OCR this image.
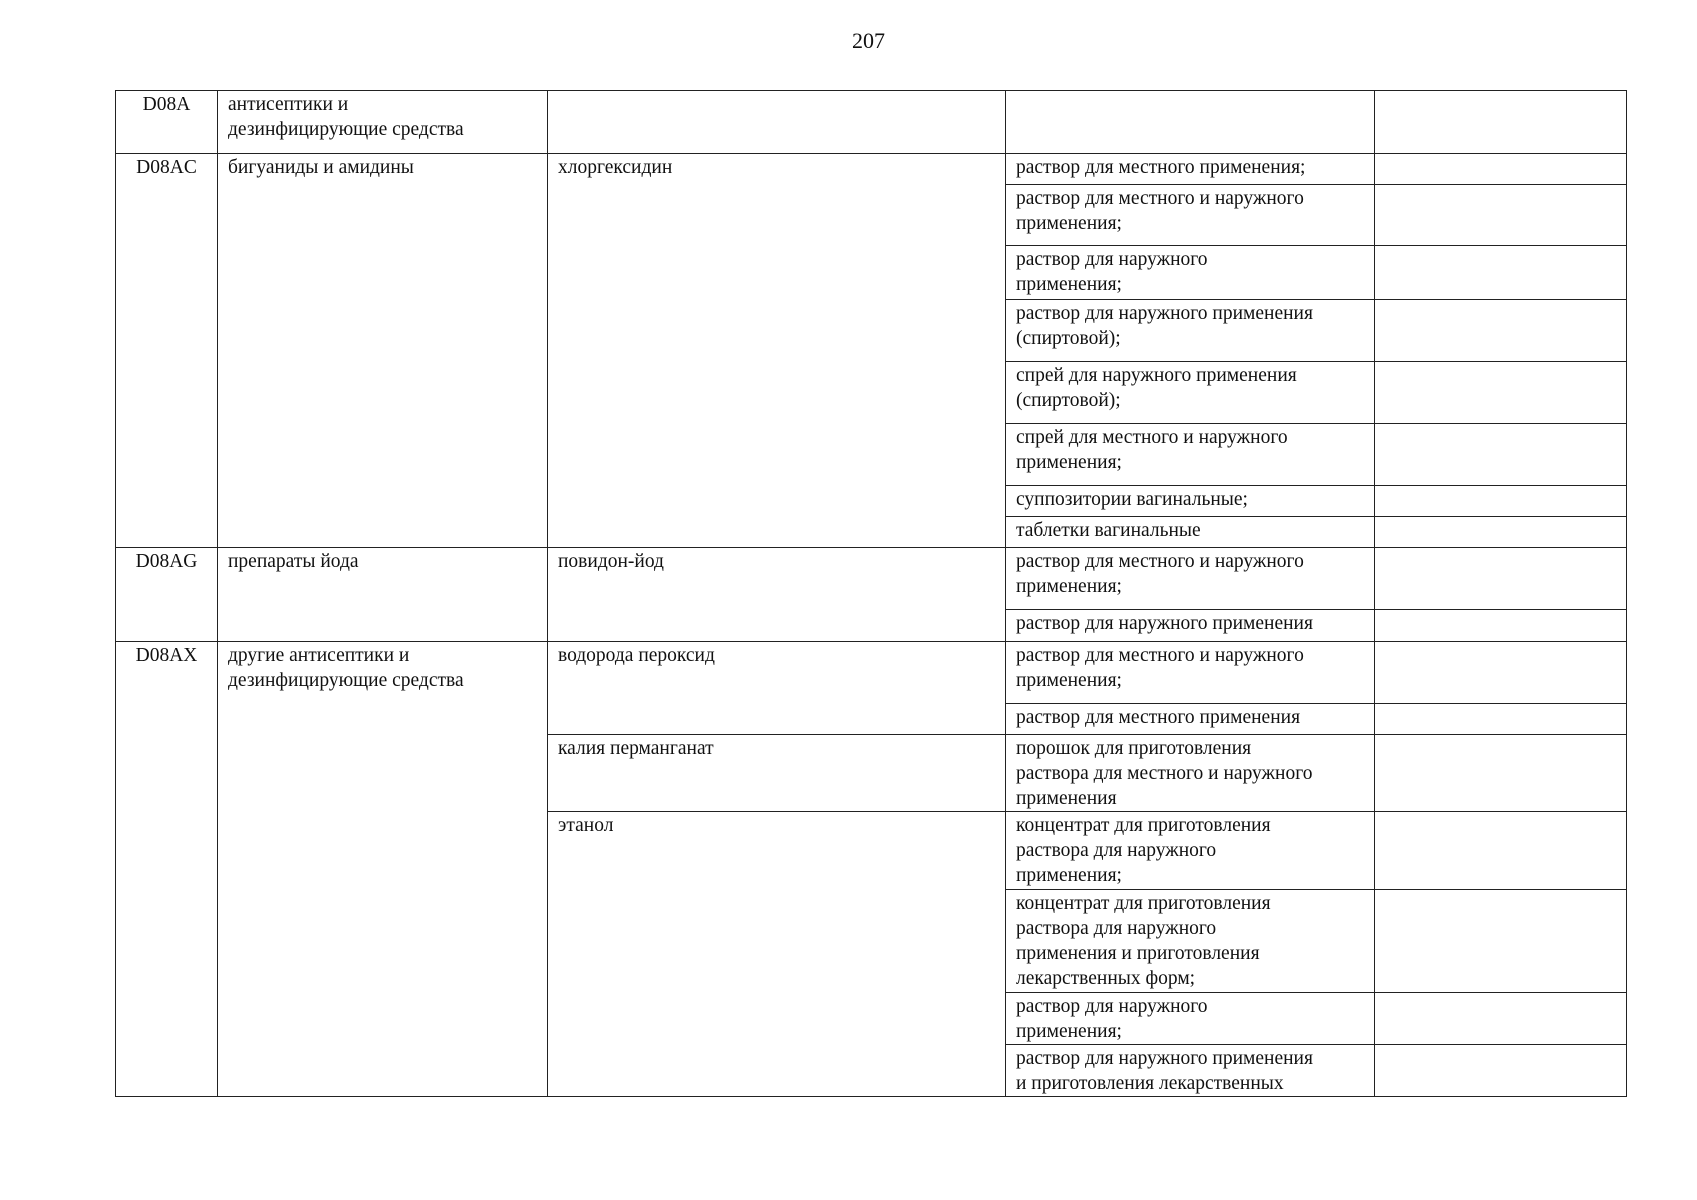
207
D08A	антисептики и
дезинфицирующие средства			
D08AC	бигуаниды и амидины	хлоргексидин	раствор для местного применения;	
			раствор для местного и наружного
применения;	
			раствор для наружного
применения;	
			раствор для наружного применения
(спиртовой);	
			спрей для наружного применения
(спиртовой);	
			спрей для местного и наружного
применения;	
			суппозитории вагинальные;	
			таблетки вагинальные	
D08AG	препараты йода	повидон-йод	раствор для местного и наружного
применения;	
			раствор для наружного применения	
D08AX	другие антисептики и
дезинфицирующие средства	водорода пероксид	раствор для местного и наружного
применения;	
			раствор для местного применения	
		калия перманганат	порошок для приготовления
раствора для местного и наружного
применения	
		этанол	концентрат для приготовления
раствора для наружного
применения;	
			концентрат для приготовления
раствора для наружного
применения и приготовления
лекарственных форм;	
			раствор для наружного
применения;	
			раствор для наружного применения
и приготовления лекарственных	
